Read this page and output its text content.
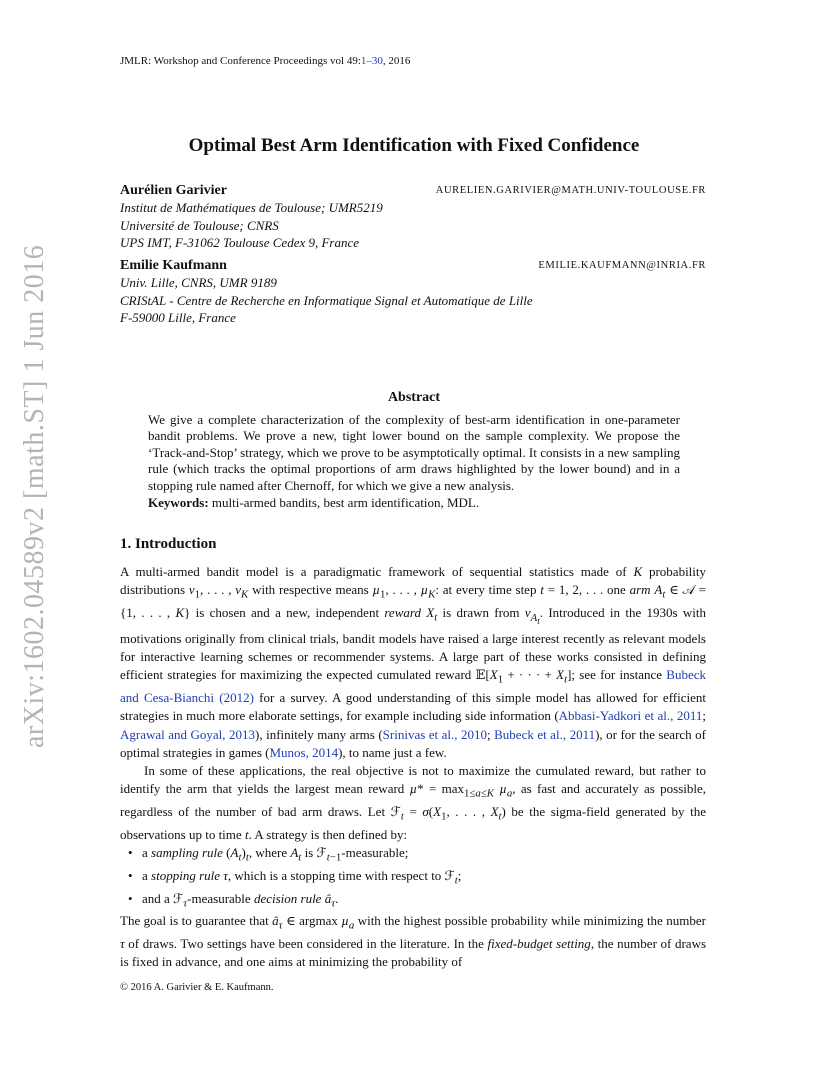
JMLR: Workshop and Conference Proceedings vol 49:1–30, 2016
arXiv:1602.04589v2 [math.ST] 1 Jun 2016
Optimal Best Arm Identification with Fixed Confidence
Aurélien Garivier	AURELIEN.GARIVIER@MATH.UNIV-TOULOUSE.FR
Institut de Mathématiques de Toulouse; UMR5219
Université de Toulouse; CNRS
UPS IMT, F-31062 Toulouse Cedex 9, France
Emilie Kaufmann	EMILIE.KAUFMANN@INRIA.FR
Univ. Lille, CNRS, UMR 9189
CRIStAL - Centre de Recherche en Informatique Signal et Automatique de Lille
F-59000 Lille, France
Abstract
We give a complete characterization of the complexity of best-arm identification in one-parameter bandit problems. We prove a new, tight lower bound on the sample complexity. We propose the ‘Track-and-Stop’ strategy, which we prove to be asymptotically optimal. It consists in a new sampling rule (which tracks the optimal proportions of arm draws highlighted by the lower bound) and in a stopping rule named after Chernoff, for which we give a new analysis.
Keywords: multi-armed bandits, best arm identification, MDL.
1. Introduction

A multi-armed bandit model is a paradigmatic framework of sequential statistics made of K probability distributions $\nu_1$, . . . , $\nu_K$ with respective means µ$_1$, . . . , µ$_K$: at every time step t = 1, 2, . . . one arm $A_t$ ∈ 𝒜 = {1, . . . , K} is chosen and a new, independent reward $X_t$ is drawn from $\nu_{A_t}$. Introduced in the 1930s with motivations originally from clinical trials, bandit models have raised a large interest recently as relevant models for interactive learning schemes or recommender systems. A large part of these works consisted in defining efficient strategies for maximizing the expected cumulated reward $𝔼[X_1$ + · · · + $X_t$]; see for instance Bubeck and Cesa-Bianchi (2012) for a survey. A good understanding of this simple model has allowed for efficient strategies in much more elaborate settings, for example including side information (Abbasi-Yadkori et al., 2011; Agrawal and Goyal, 2013), infinitely many arms (Srinivas et al., 2010; Bubeck et al., 2011), or for the search of optimal strategies in games (Munos, 2014), to name just a few.

In some of these applications, the real objective is not to maximize the cumulated reward, but rather to identify the arm that yields the largest mean reward $\mu* = \max_{1\le a\le K} \mu_a$, as fast and accurately as possible, regardless of the number of bad arm draws. Let ℱ$_t$ = $\sigma(X_1$, . . . , $X_t$) be the sigma-field generated by the observations up to time t. A strategy is then defined by:

• a sampling rule $(A_t)_t$, where $A_t$ is ℱ$_{t-1}$-measurable;
• a stopping rule τ, which is a stopping time with respect to ℱ$_t$;
• and a ℱ$_\tau$-measurable decision rule $â_\tau$.

The goal is to guarantee that $â_\tau$ ∈ argmax µ$_a$ with the highest possible probability while minimizing the number τ of draws. Two settings have been considered in the literature. In the fixed-budget setting, the number of draws is fixed in advance, and one aims at minimizing the probability of

© 2016 A. Garivier & E. Kaufmann.
